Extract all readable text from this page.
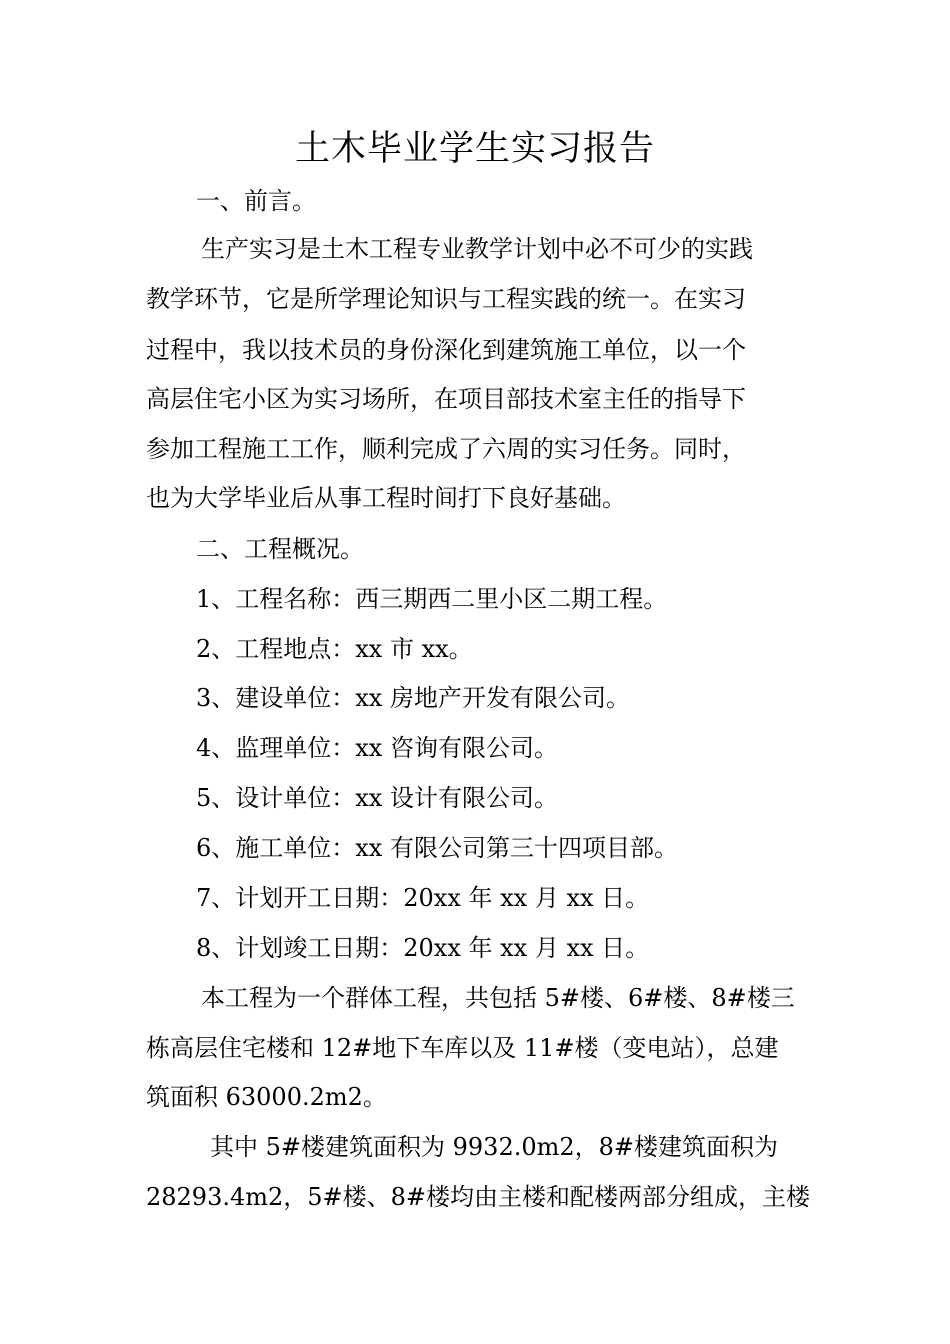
土木毕业学生实习报告
一、前言。
生产实习是土木工程专业教学计划中必不可少的实践
教学环节，它是所学理论知识与工程实践的统一。在实习
过程中，我以技术员的身份深化到建筑施工单位，以一个
高层住宅小区为实习场所，在项目部技术室主任的指导下
参加工程施工工作，顺利完成了六周的实习任务。同时，
也为大学毕业后从事工程时间打下良好基础。
二、工程概况。
1、工程名称：西三期西二里小区二期工程。
2、工程地点：xx 市 xx。
3、建设单位：xx 房地产开发有限公司。
4、监理单位：xx 咨询有限公司。
5、设计单位：xx 设计有限公司。
6、施工单位：xx 有限公司第三十四项目部。
7、计划开工日期：20xx 年 xx 月 xx 日。
8、计划竣工日期：20xx 年 xx 月 xx 日。
本工程为一个群体工程，共包括 5#楼、6#楼、8#楼三
栋高层住宅楼和 12#地下车库以及 11#楼（变电站），总建
筑面积 63000.2m2。
其中 5#楼建筑面积为 9932.0m2，8#楼建筑面积为
28293.4m2，5#楼、8#楼均由主楼和配楼两部分组成，主楼
